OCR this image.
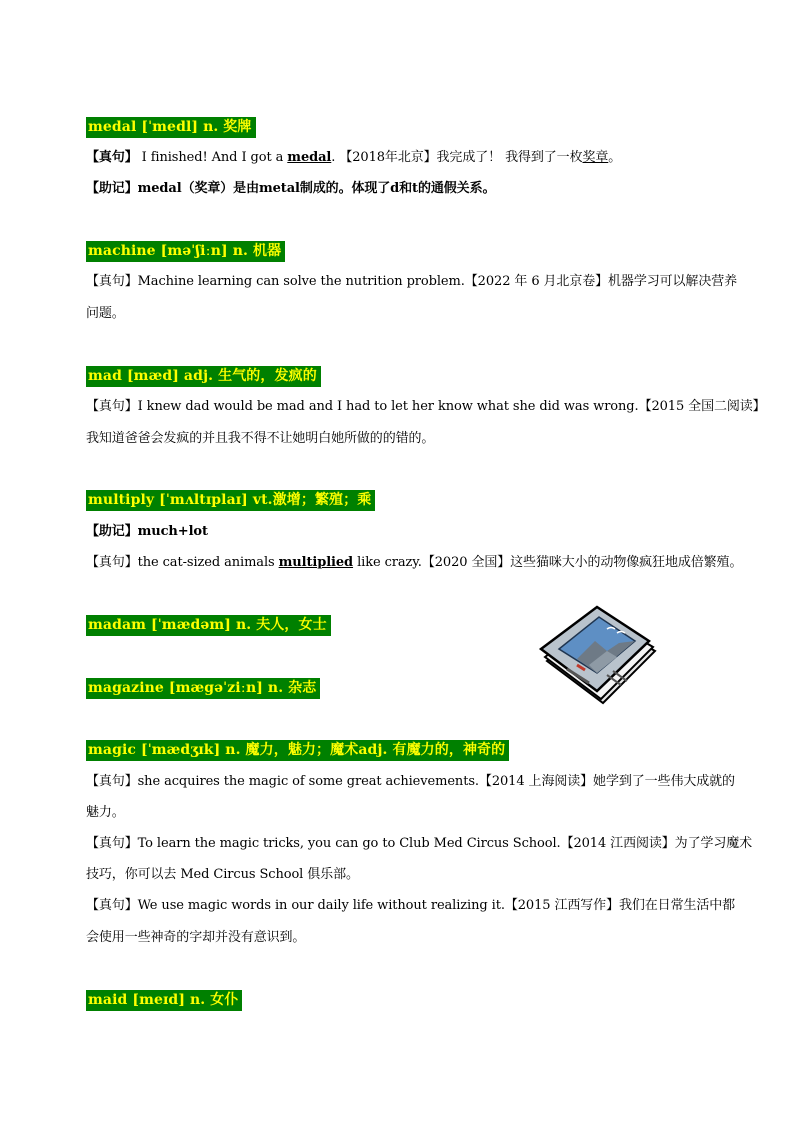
medal [ˈmedl] n. 奖牌
【真句】 I finished! And I got a medal. 【2018年北京】我完成了！ 我得到了一枚奖章。
【助记】medal（奖章）是由metal制成的。体现了d和t的通假关系。
machine [məˈʃiːn] n. 机器
【真句】Machine learning can solve the nutrition problem.【2022 年 6 月北京卷】机器学习可以解决营养
问题。
mad [mæd] adj. 生气的，发疯的
【真句】I knew dad would be mad and I had to let her know what she did was wrong.【2015 全国二阅读】
我知道爸爸会发疯的并且我不得不让她明白她所做的的错的。
multiply [ˈmʌltɪplaɪ] vt.激增；繁殖；乘
【助记】much+lot
【真句】the cat-sized animals multiplied like crazy.【2020 全国】这些猫咪大小的动物像疯狂地成倍繁殖。
madam [ˈmædəm] n. 夫人，女士
magazine [mægəˈziːn] n. 杂志
magic [ˈmædʒɪk] n. 魔力，魅力；魔术adj. 有魔力的，神奇的
【真句】she acquires the magic of some great achievements.【2014 上海阅读】她学到了一些伟大成就的
魅力。
【真句】To learn the magic tricks, you can go to Club Med Circus School.【2014 江西阅读】为了学习魔术
技巧，你可以去 Med Circus School 俱乐部。
【真句】We use magic words in our daily life without realizing it.【2015 江西写作】我们在日常生活中都
会使用一些神奇的字却并没有意识到。
maid [meɪd] n. 女仆
